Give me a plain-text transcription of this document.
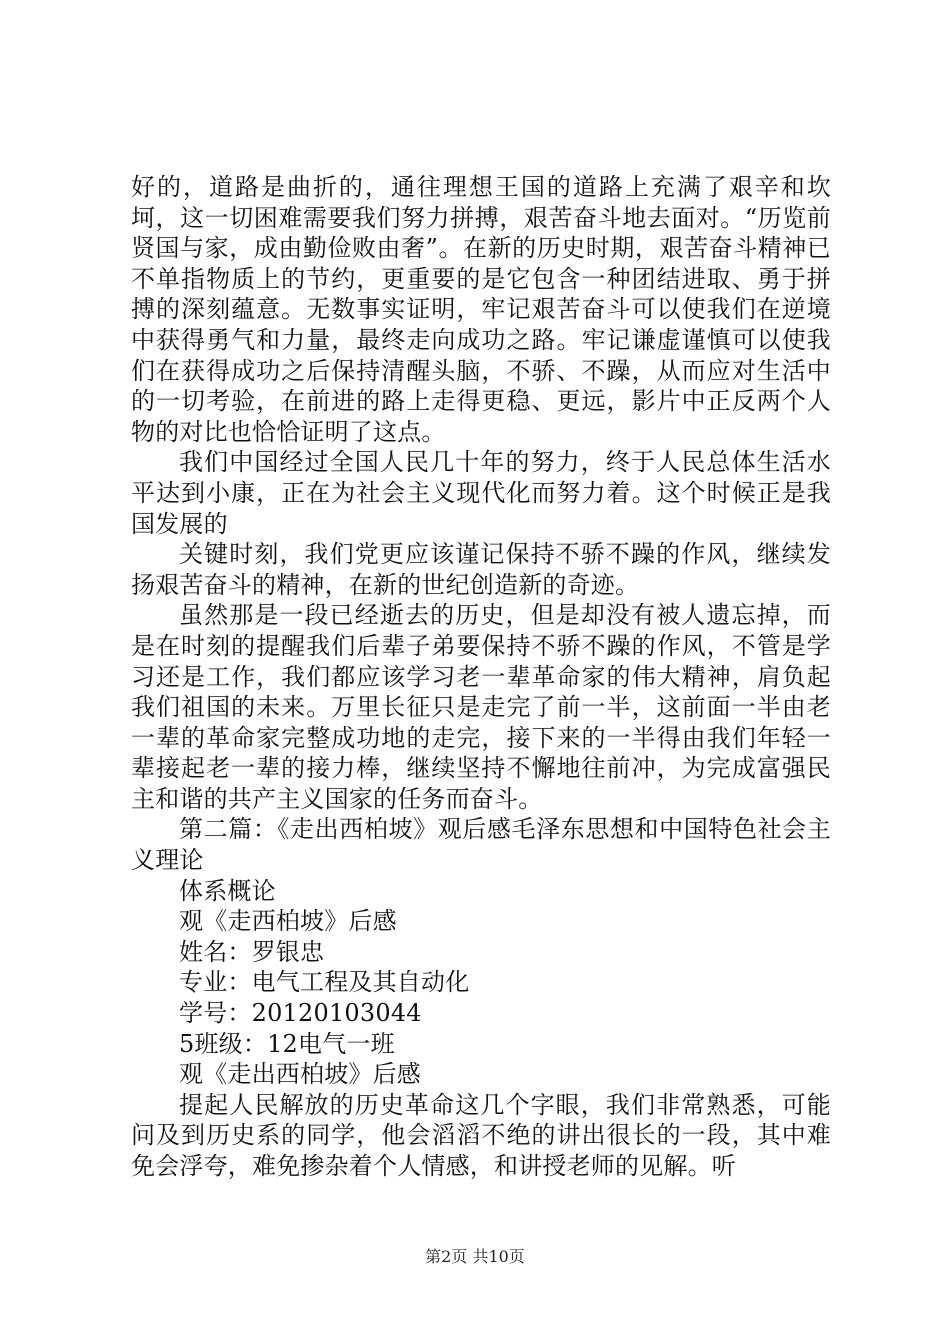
好的，道路是曲折的，通往理想王国的道路上充满了艰辛和坎坷，这一切困难需要我们努力拼搏，艰苦奋斗地去面对。“历览前贤国与家，成由勤俭败由奢”。在新的历史时期，艰苦奋斗精神已不单指物质上的节约，更重要的是它包含一种团结进取、勇于拼搏的深刻蕴意。无数事实证明，牢记艰苦奋斗可以使我们在逆境中获得勇气和力量，最终走向成功之路。牢记谦虚谨慎可以使我们在获得成功之后保持清醒头脑，不骄、不躁，从而应对生活中的一切考验，在前进的路上走得更稳、更远，影片中正反两个人物的对比也恰恰证明了这点。

我们中国经过全国人民几十年的努力，终于人民总体生活水平达到小康，正在为社会主义现代化而努力着。这个时候正是我国发展的

关键时刻，我们党更应该谨记保持不骄不躁的作风，继续发扬艰苦奋斗的精神，在新的世纪创造新的奇迹。

虽然那是一段已经逝去的历史，但是却没有被人遗忘掉，而是在时刻的提醒我们后辈子弟要保持不骄不躁的作风，不管是学习还是工作，我们都应该学习老一辈革命家的伟大精神，肩负起我们祖国的未来。万里长征只是走完了前一半，这前面一半由老一辈的革命家完整成功地的走完，接下来的一半得由我们年轻一辈接起老一辈的接力棒，继续坚持不懈地往前冲，为完成富强民主和谐的共产主义国家的任务而奋斗。

第二篇：《走出西柏坡》观后感毛泽东思想和中国特色社会主义理论

体系概论

观《走西柏坡》后感

姓名：罗银忠

专业：电气工程及其自动化

学号：20120103044

5班级：12电气一班

观《走出西柏坡》后感

提起人民解放的历史革命这几个字眼，我们非常熟悉，可能问及到历史系的同学，他会滔滔不绝的讲出很长的一段，其中难免会浮夸，难免掺杂着个人情感，和讲授老师的见解。听

第2页 共10页
